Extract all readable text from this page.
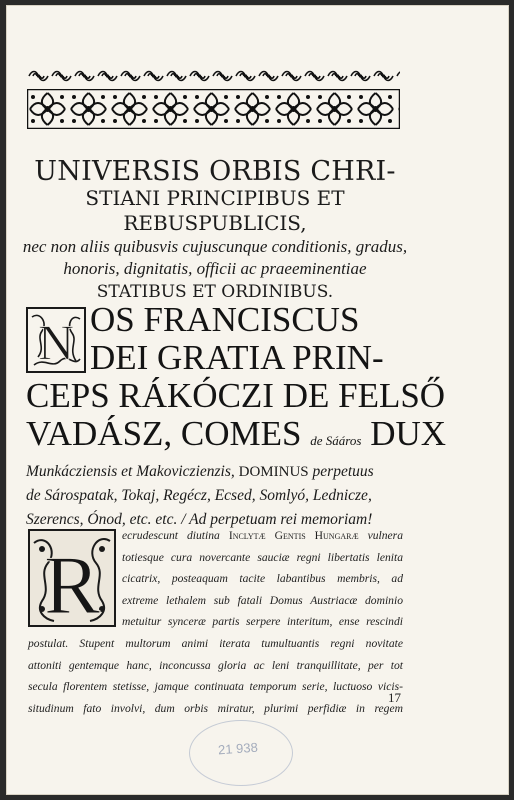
UNIVERSIS ORBIS CHRI-
STIANI PRINCIPIBUS ET REBUSPUBLICIS,
nec non aliis quibusvis cujuscunque conditionis, gradus,
honoris, dignitatis, officii ac praeeminentiae
STATIBUS ET ORDINIBUS.
N OS FRANCISCUS
DEI GRATIA PRIN-
CEPS RÁKÓCZI DE FELSŐ
VADÁSZ, COMES de Sááros DUX
Munkácziensis et Makoviczienzis, DOMINUS perpetuus
de Sárospatak, Tokaj, Regécz, Ecsed, Somlyó, Lednicze,
Szerencs, Ónod, etc. etc. / Ad perpetuam rei memoriam!
R
ecrudescunt diutina Inclytæ Gentis Hungaræ vulnera
totiesque cura novercante sauciæ regni libertatis lenita
cicatrix, posteaquam tacite labantibus membris, ad
extreme lethalem sub fatali Domus Austriacæ dominio
metuitur synceræ partis serpere interitum, ense rescindi
postulat. Stupent multorum animi iterata tumultuantis regni novitate
attoniti gentemque hanc, inconcussa gloria ac leni tranquillitate, per tot
secula florentem stetisse, jamque continuata temporum serie, luctuoso vicis-
situdinum fato involvi, dum orbis miratur, plurimi perfidiæ in regem
17
21 938
